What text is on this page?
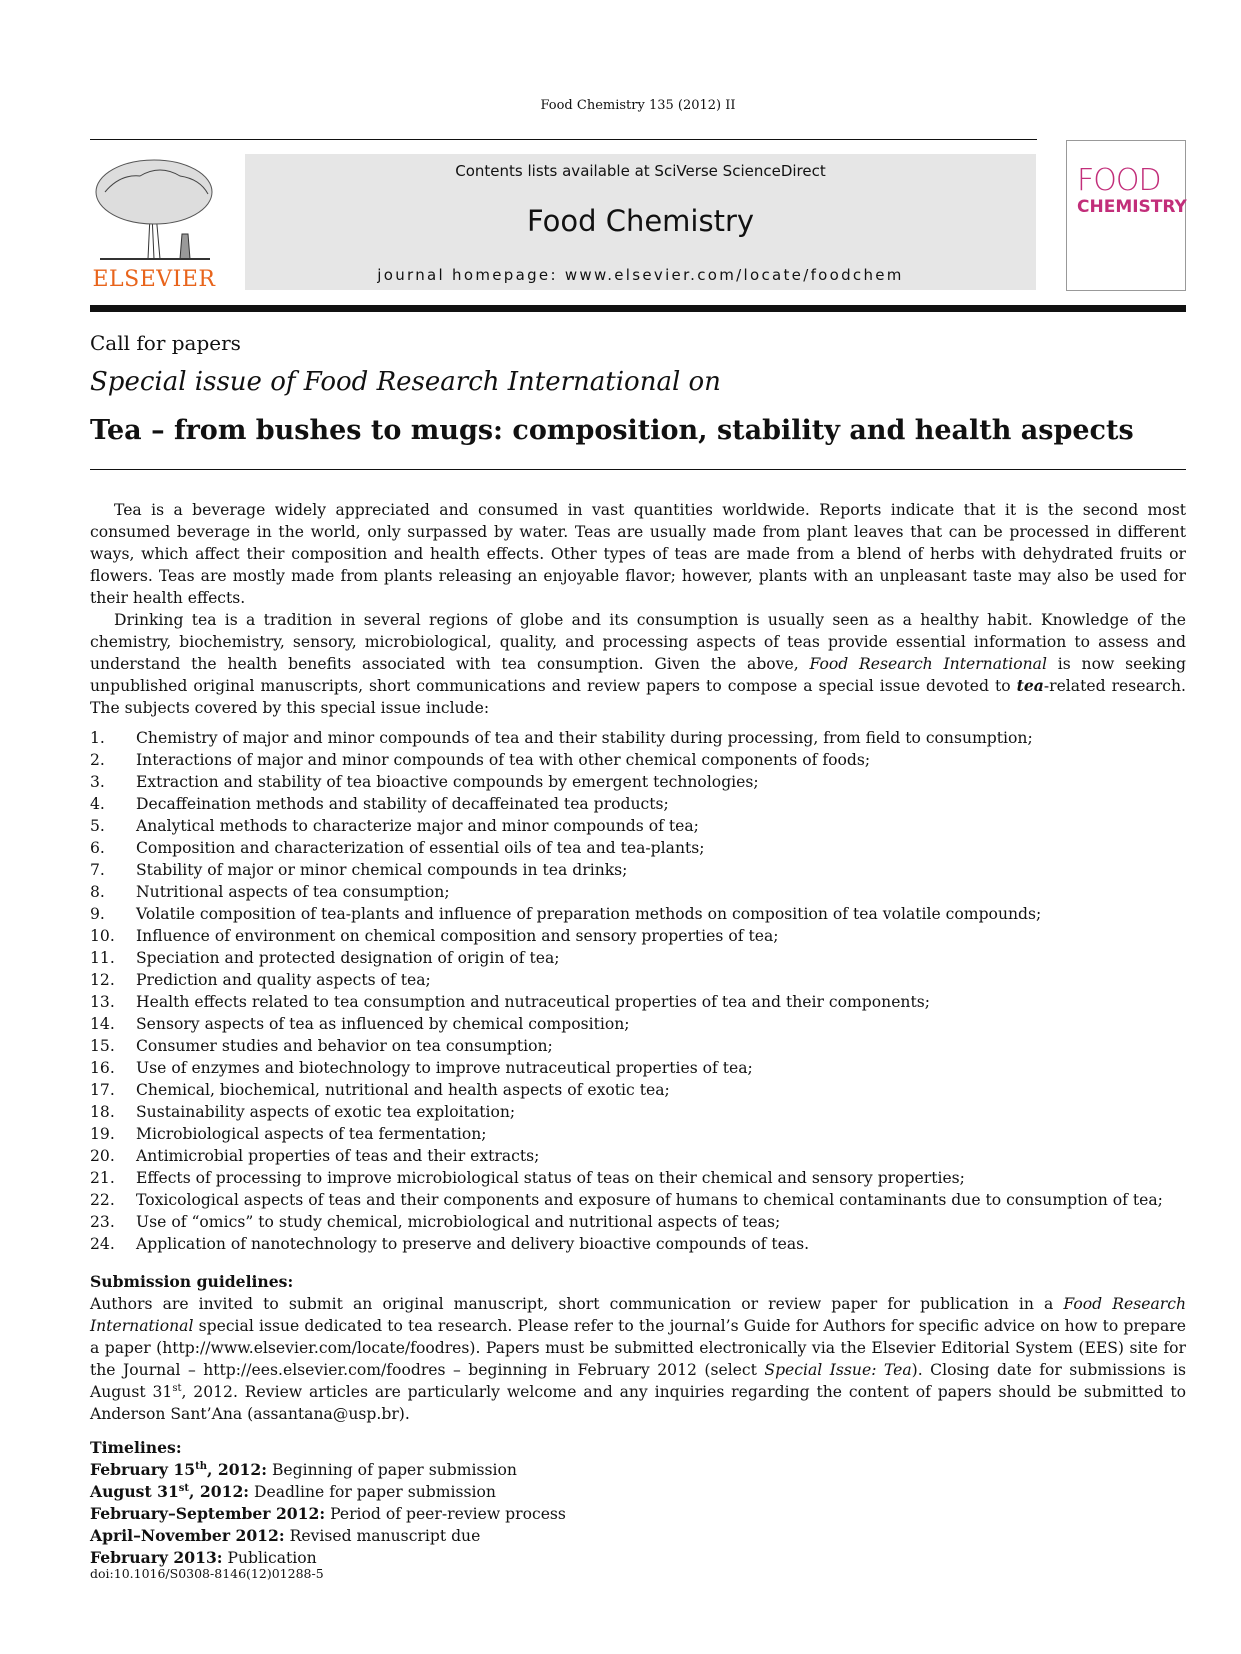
Food Chemistry 135 (2012) II
ELSEVIER
Contents lists available at SciVerse ScienceDirect
Food Chemistry
journal homepage: www.elsevier.com/locate/foodchem
FOOD
CHEMISTRY
Call for papers
Special issue of Food Research International on
Tea – from bushes to mugs: composition, stability and health aspects

Tea is a beverage widely appreciated and consumed in vast quantities worldwide. Reports indicate that it is the second most consumed beverage in the world, only surpassed by water. Teas are usually made from plant leaves that can be processed in different ways, which affect their composition and health effects. Other types of teas are made from a blend of herbs with dehydrated fruits or flowers. Teas are mostly made from plants releasing an enjoyable flavor; however, plants with an unpleasant taste may also be used for their health effects.

Drinking tea is a tradition in several regions of globe and its consumption is usually seen as a healthy habit. Knowledge of the chemistry, biochemistry, sensory, microbiological, quality, and processing aspects of teas provide essential information to assess and understand the health benefits associated with tea consumption. Given the above, Food Research International is now seeking unpublished original manuscripts, short communications and review papers to compose a special issue devoted to tea-related research. The subjects covered by this special issue include:

1.	Chemistry of major and minor compounds of tea and their stability during processing, from field to consumption;
2.	Interactions of major and minor compounds of tea with other chemical components of foods;
3.	Extraction and stability of tea bioactive compounds by emergent technologies;
4.	Decaffeination methods and stability of decaffeinated tea products;
5.	Analytical methods to characterize major and minor compounds of tea;
6.	Composition and characterization of essential oils of tea and tea-plants;
7.	Stability of major or minor chemical compounds in tea drinks;
8.	Nutritional aspects of tea consumption;
9.	Volatile composition of tea-plants and influence of preparation methods on composition of tea volatile compounds;
10.	Influence of environment on chemical composition and sensory properties of tea;
11.	Speciation and protected designation of origin of tea;
12.	Prediction and quality aspects of tea;
13.	Health effects related to tea consumption and nutraceutical properties of tea and their components;
14.	Sensory aspects of tea as influenced by chemical composition;
15.	Consumer studies and behavior on tea consumption;
16.	Use of enzymes and biotechnology to improve nutraceutical properties of tea;
17.	Chemical, biochemical, nutritional and health aspects of exotic tea;
18.	Sustainability aspects of exotic tea exploitation;
19.	Microbiological aspects of tea fermentation;
20.	Antimicrobial properties of teas and their extracts;
21.	Effects of processing to improve microbiological status of teas on their chemical and sensory properties;
22.	Toxicological aspects of teas and their components and exposure of humans to chemical contaminants due to consumption of tea;
23.	Use of “omics” to study chemical, microbiological and nutritional aspects of teas;
24.	Application of nanotechnology to preserve and delivery bioactive compounds of teas.
Submission guidelines:

Authors are invited to submit an original manuscript, short communication or review paper for publication in a Food Research International special issue dedicated to tea research. Please refer to the journal’s Guide for Authors for specific advice on how to prepare a paper (http://www.elsevier.com/locate/foodres). Papers must be submitted electronically via the Elsevier Editorial System (EES) site for the Journal – http://ees.elsevier.com/foodres – beginning in February 2012 (select Special Issue: Tea). Closing date for submissions is August 31st, 2012. Review articles are particularly welcome and any inquiries regarding the content of papers should be submitted to Anderson Sant’Ana (assantana@usp.br).

Timelines:
February 15th, 2012: Beginning of paper submission
August 31st, 2012: Deadline for paper submission
February–September 2012: Period of peer-review process
April–November 2012: Revised manuscript due
February 2013: Publication
doi:10.1016/S0308-8146(12)01288-5
